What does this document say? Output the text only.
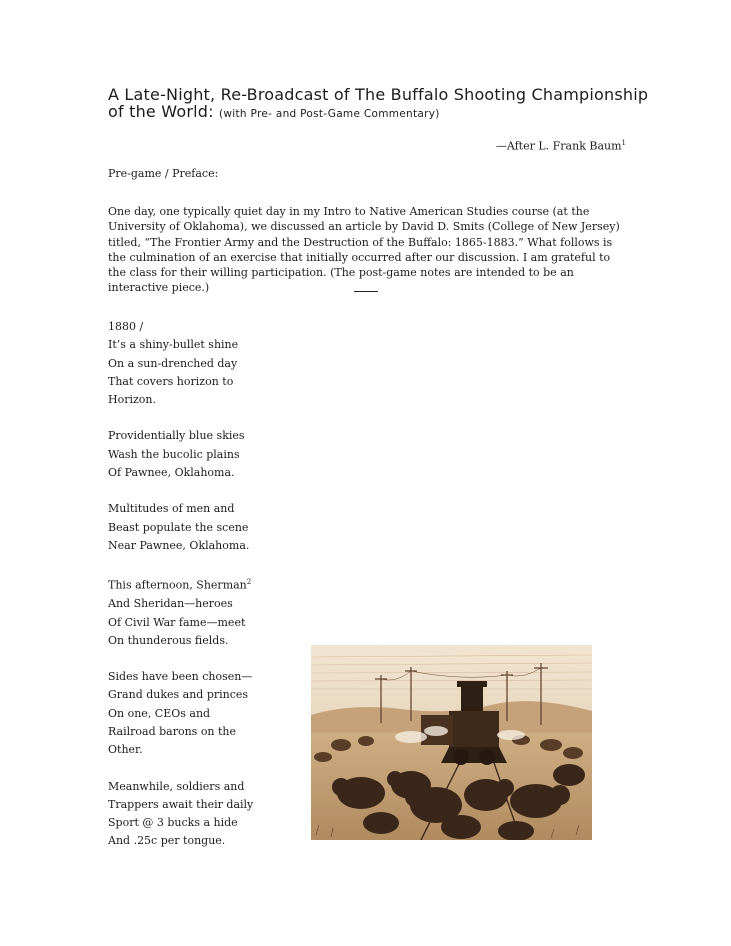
A Late-Night, Re-Broadcast of The Buffalo Shooting Championship of the World: (with Pre- and Post-Game Commentary)
—After L. Frank Baum$^1$
Pre-game / Preface:

One day, one typically quiet day in my Intro to Native American Studies course (at the University of Oklahoma), we discussed an article by David D. Smits (College of New Jersey) titled, “The Frontier Army and the Destruction of the Buffalo: 1865-1883.” What follows is the culmination of an exercise that initially occurred after our discussion. I am grateful to the class for their willing participation. (The post-game notes are intended to be an interactive piece.)

1880 /
It’s a shiny-bullet shine
On a sun-drenched day
That covers horizon to
Horizon.
Providentially blue skies
Wash the bucolic plains
Of Pawnee, Oklahoma.
Multitudes of men and
Beast populate the scene
Near Pawnee, Oklahoma.
This afternoon, Sherman$^2$
And Sheridan—heroes
Of Civil War fame—meet
On thunderous fields.
Sides have been chosen—
Grand dukes and princes
On one, CEOs and
Railroad barons on the
Other.
Meanwhile, soldiers and
Trappers await their daily
Sport @ 3 bucks a hide
And .25c per tongue.
